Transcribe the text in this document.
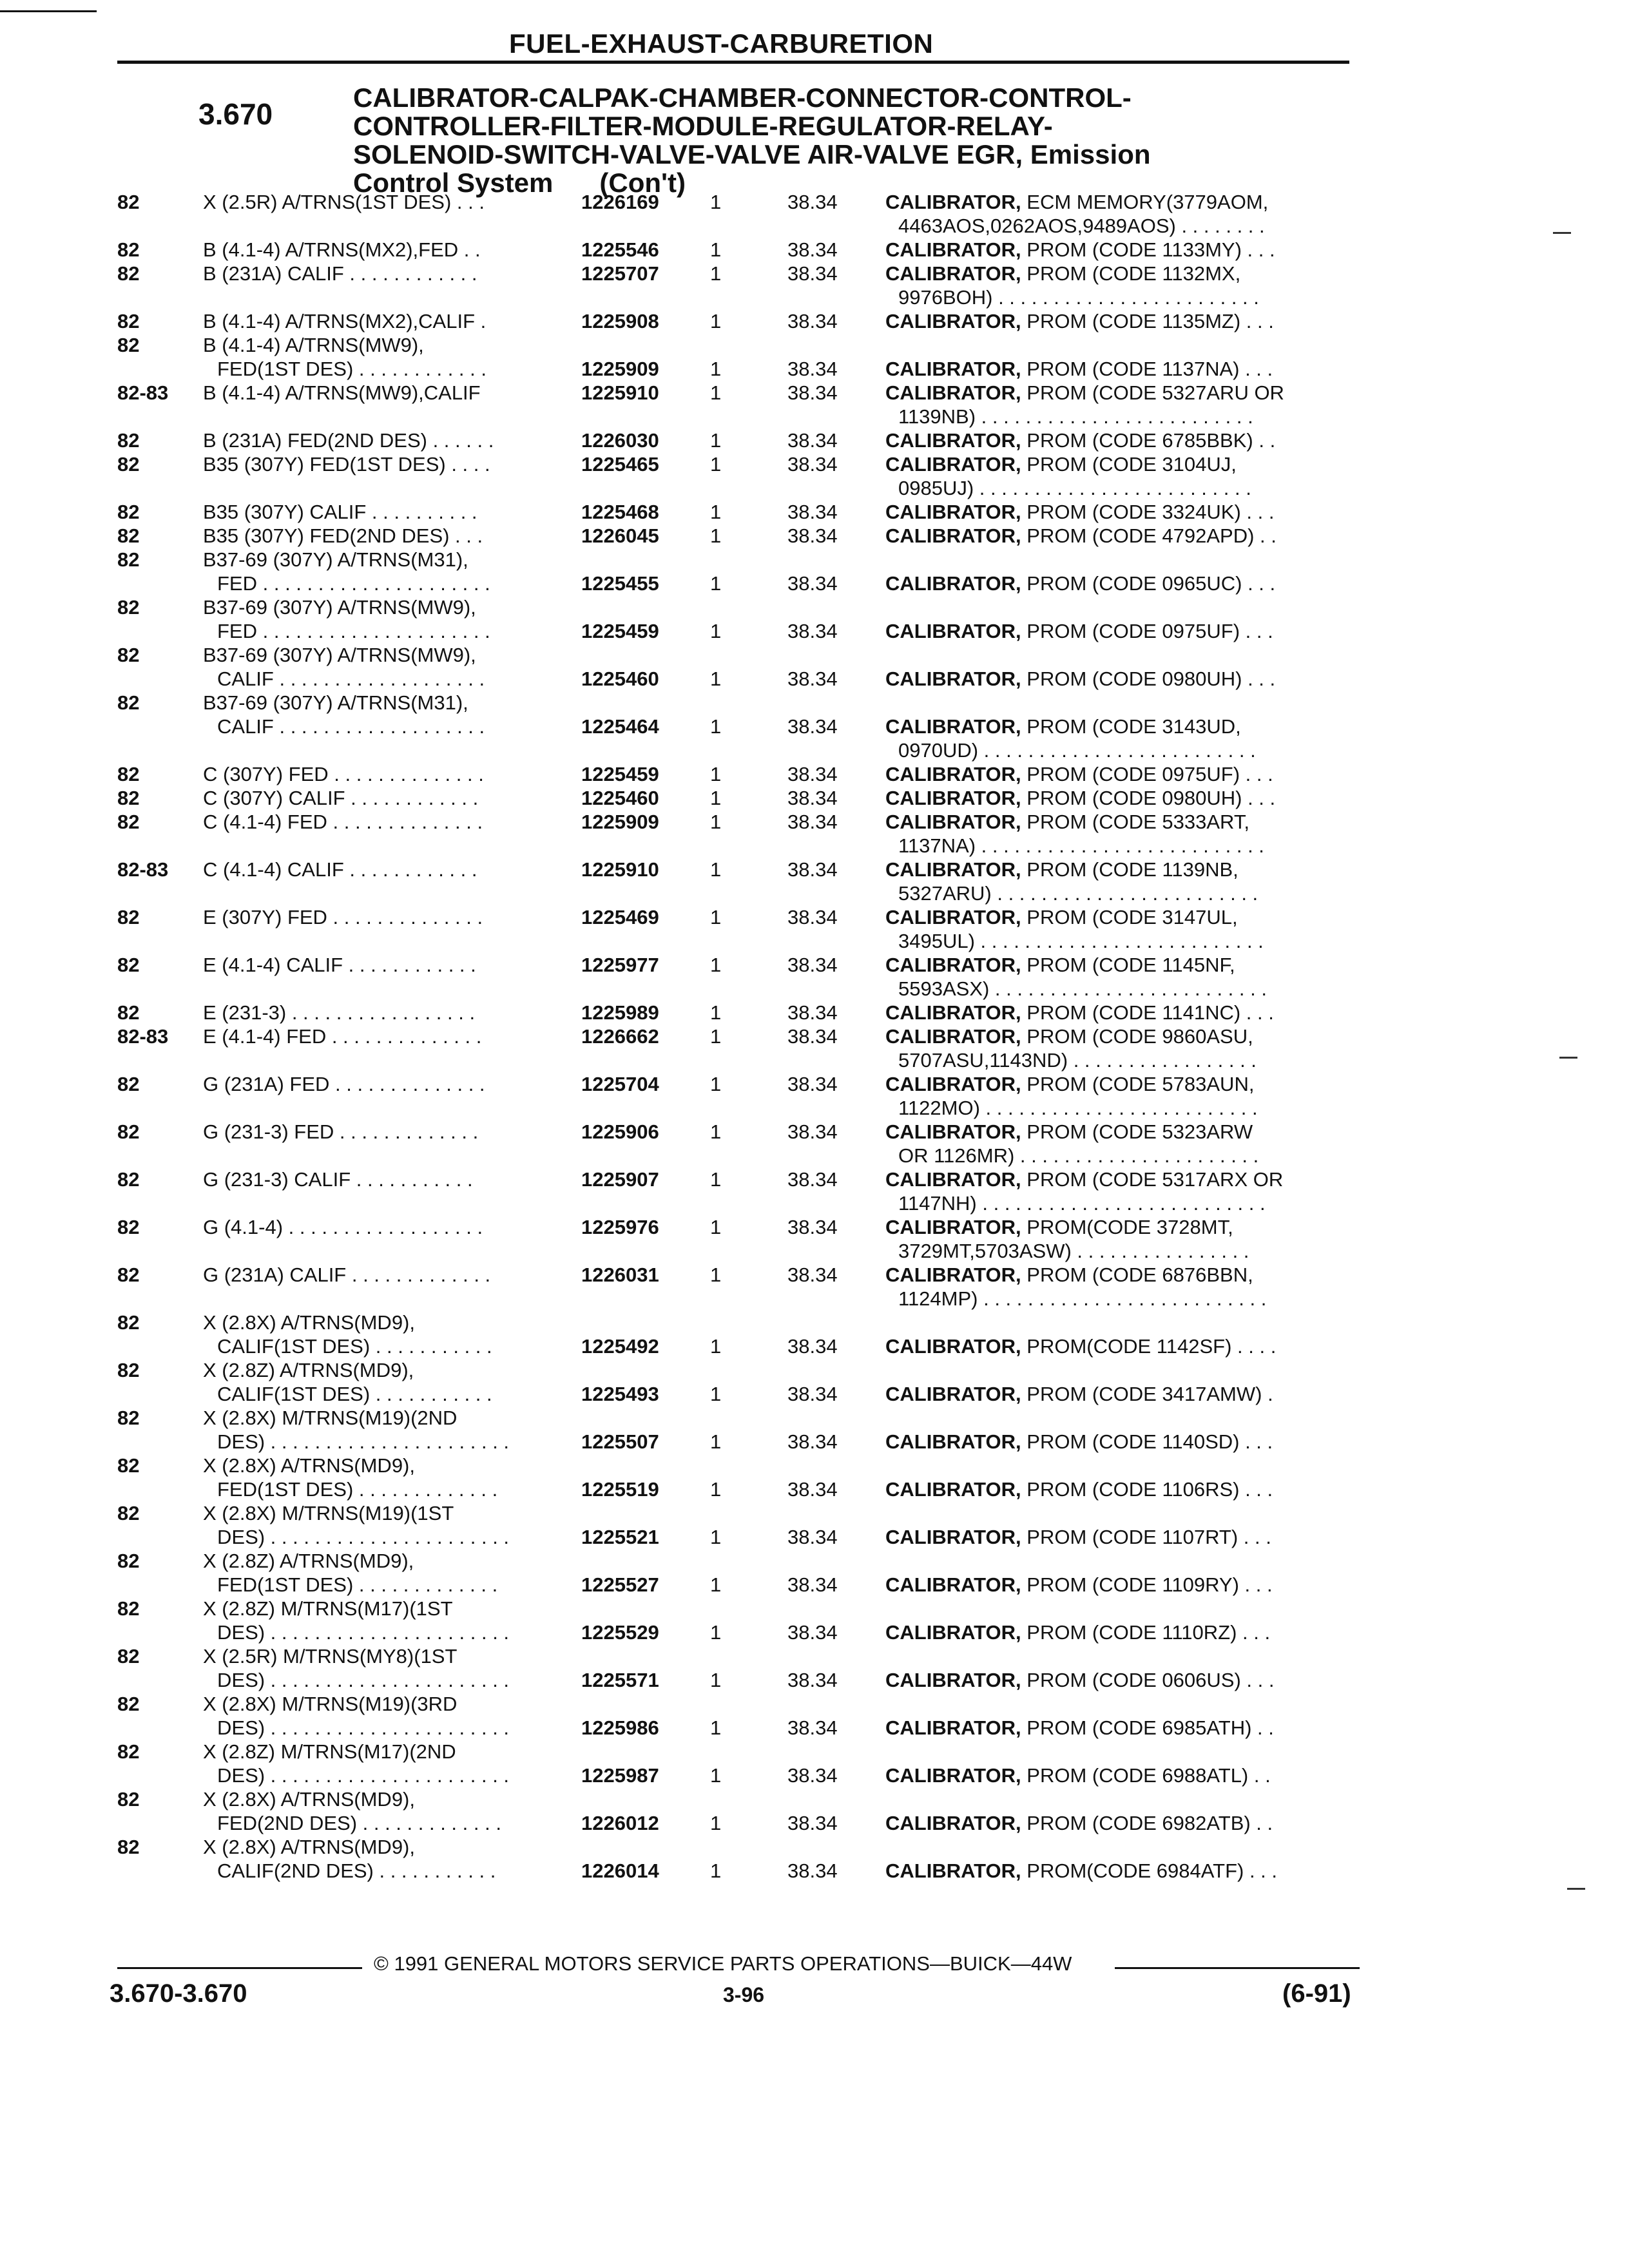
FUEL-EXHAUST-CARBURETION
3.670	CALIBRATOR-CALPAK-CHAMBER-CONNECTOR-CONTROL-
CONTROLLER-FILTER-MODULE-REGULATOR-RELAY-
SOLENOID-SWITCH-VALVE-VALVE AIR-VALVE EGR, Emission
Control System (Con't)
82	X (2.5R) A/TRNS(1ST DES) . . .	1226169	1	38.34 CALIBRATOR, ECM MEMORY(3779AOM,
4463AOS,0262AOS,9489AOS) . . . . . . . .
82	B (4.1-4) A/TRNS(MX2),FED . .	1225546	1	38.34 CALIBRATOR, PROM (CODE 1133MY) . . .
82	B (231A) CALIF . . . . . . . . . . . .	1225707	1	38.34 CALIBRATOR, PROM (CODE 1132MX,
9976BOH) . . . . . . . . . . . . . . . . . . . . . . . .
82	B (4.1-4) A/TRNS(MX2),CALIF .	1225908	1	38.34 CALIBRATOR, PROM (CODE 1135MZ) . . .
82	B (4.1-4) A/TRNS(MW9),
FED(1ST DES) . . . . . . . . . . . .	1225909	1	38.34 CALIBRATOR, PROM (CODE 1137NA) . . .
82-83 B (4.1-4) A/TRNS(MW9),CALIF	1225910	1	38.34 CALIBRATOR, PROM (CODE 5327ARU OR
1139NB) . . . . . . . . . . . . . . . . . . . . . . . . .
82	B (231A) FED(2ND DES) . . . . . .	1226030	1	38.34 CALIBRATOR, PROM (CODE 6785BBK) . .
82	B35 (307Y) FED(1ST DES) . . . .	1225465	1	38.34 CALIBRATOR, PROM (CODE 3104UJ,
0985UJ) . . . . . . . . . . . . . . . . . . . . . . . . .
82	B35 (307Y) CALIF . . . . . . . . . .	1225468	1	38.34 CALIBRATOR, PROM (CODE 3324UK) . . .
82	B35 (307Y) FED(2ND DES) . . .	1226045	1	38.34 CALIBRATOR, PROM (CODE 4792APD) . .
82	B37-69 (307Y) A/TRNS(M31),
FED . . . . . . . . . . . . . . . . . . . . .	1225455	1	38.34 CALIBRATOR, PROM (CODE 0965UC) . . .
82	B37-69 (307Y) A/TRNS(MW9),
FED . . . . . . . . . . . . . . . . . . . . .	1225459	1	38.34 CALIBRATOR, PROM (CODE 0975UF) . . .
82	B37-69 (307Y) A/TRNS(MW9),
CALIF . . . . . . . . . . . . . . . . . . .	1225460	1	38.34 CALIBRATOR, PROM (CODE 0980UH) . . .
82	B37-69 (307Y) A/TRNS(M31),
CALIF . . . . . . . . . . . . . . . . . . .	1225464	1	38.34 CALIBRATOR, PROM (CODE 3143UD,
0970UD) . . . . . . . . . . . . . . . . . . . . . . . . .
82	C (307Y) FED . . . . . . . . . . . . . .	1225459	1	38.34 CALIBRATOR, PROM (CODE 0975UF) . . .
82	C (307Y) CALIF . . . . . . . . . . . .	1225460	1	38.34 CALIBRATOR, PROM (CODE 0980UH) . . .
82	C (4.1-4) FED . . . . . . . . . . . . . .	1225909	1	38.34 CALIBRATOR, PROM (CODE 5333ART,
1137NA) . . . . . . . . . . . . . . . . . . . . . . . . . .
82-83 C (4.1-4) CALIF . . . . . . . . . . . .	1225910	1	38.34 CALIBRATOR, PROM (CODE 1139NB,
5327ARU) . . . . . . . . . . . . . . . . . . . . . . . .
82	E (307Y) FED . . . . . . . . . . . . . .	1225469	1	38.34 CALIBRATOR, PROM (CODE 3147UL,
3495UL) . . . . . . . . . . . . . . . . . . . . . . . . . .
82	E (4.1-4) CALIF . . . . . . . . . . . .	1225977	1	38.34 CALIBRATOR, PROM (CODE 1145NF,
5593ASX) . . . . . . . . . . . . . . . . . . . . . . . . .
82	E (231-3) . . . . . . . . . . . . . . . . .	1225989	1	38.34 CALIBRATOR, PROM (CODE 1141NC) . . .
82-83 E (4.1-4) FED . . . . . . . . . . . . . .	1226662	1	38.34 CALIBRATOR, PROM (CODE 9860ASU,
5707ASU,1143ND) . . . . . . . . . . . . . . . . .
82	G (231A) FED . . . . . . . . . . . . . .	1225704	1	38.34 CALIBRATOR, PROM (CODE 5783AUN,
1122MO) . . . . . . . . . . . . . . . . . . . . . . . . .
82	G (231-3) FED . . . . . . . . . . . . .	1225906	1	38.34 CALIBRATOR, PROM (CODE 5323ARW
OR 1126MR) . . . . . . . . . . . . . . . . . . . . . .
82	G (231-3) CALIF . . . . . . . . . . .	1225907	1	38.34 CALIBRATOR, PROM (CODE 5317ARX OR
1147NH) . . . . . . . . . . . . . . . . . . . . . . . . . .
82	G (4.1-4) . . . . . . . . . . . . . . . . . .	1225976	1	38.34 CALIBRATOR, PROM(CODE 3728MT,
3729MT,5703ASW) . . . . . . . . . . . . . . . .
82	G (231A) CALIF . . . . . . . . . . . . .	1226031	1	38.34 CALIBRATOR, PROM (CODE 6876BBN,
1124MP) . . . . . . . . . . . . . . . . . . . . . . . . . .
82	X (2.8X) A/TRNS(MD9),
CALIF(1ST DES) . . . . . . . . . . .	1225492	1	38.34 CALIBRATOR, PROM(CODE 1142SF) . . . .
82	X (2.8Z) A/TRNS(MD9),
CALIF(1ST DES) . . . . . . . . . . .	1225493	1	38.34 CALIBRATOR, PROM (CODE 3417AMW) .
82	X (2.8X) M/TRNS(M19)(2ND
DES) . . . . . . . . . . . . . . . . . . . . . .	1225507	1	38.34 CALIBRATOR, PROM (CODE 1140SD) . . .
82	X (2.8X) A/TRNS(MD9),
FED(1ST DES) . . . . . . . . . . . . .	1225519	1	38.34 CALIBRATOR, PROM (CODE 1106RS) . . .
82	X (2.8X) M/TRNS(M19)(1ST
DES) . . . . . . . . . . . . . . . . . . . . . .	1225521	1	38.34 CALIBRATOR, PROM (CODE 1107RT) . . .
82	X (2.8Z) A/TRNS(MD9),
FED(1ST DES) . . . . . . . . . . . . .	1225527	1	38.34 CALIBRATOR, PROM (CODE 1109RY) . . .
82	X (2.8Z) M/TRNS(M17)(1ST
DES) . . . . . . . . . . . . . . . . . . . . . .	1225529	1	38.34 CALIBRATOR, PROM (CODE 1110RZ) . . .
82	X (2.5R) M/TRNS(MY8)(1ST
DES) . . . . . . . . . . . . . . . . . . . . . .	1225571	1	38.34 CALIBRATOR, PROM (CODE 0606US) . . .
82	X (2.8X) M/TRNS(M19)(3RD
DES) . . . . . . . . . . . . . . . . . . . . . .	1225986	1	38.34 CALIBRATOR, PROM (CODE 6985ATH) . .
82	X (2.8Z) M/TRNS(M17)(2ND
DES) . . . . . . . . . . . . . . . . . . . . . .	1225987	1	38.34 CALIBRATOR, PROM (CODE 6988ATL) . .
82	X (2.8X) A/TRNS(MD9),
FED(2ND DES) . . . . . . . . . . . . .	1226012	1	38.34 CALIBRATOR, PROM (CODE 6982ATB) . .
82	X (2.8X) A/TRNS(MD9),
CALIF(2ND DES) . . . . . . . . . . .	1226014	1	38.34 CALIBRATOR, PROM(CODE 6984ATF) . . .
© 1991 GENERAL MOTORS SERVICE PARTS OPERATIONS—BUICK—44W
3.670-3.670	3-96	(6-91)
